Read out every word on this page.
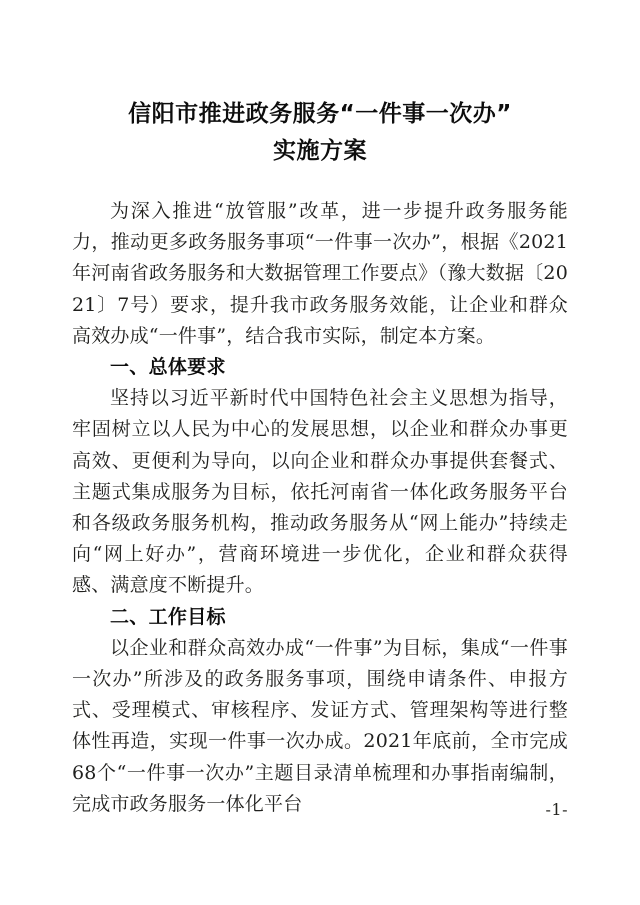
信阳市推进政务服务“一件事一次办”
实施方案

为深入推进“放管服”改革，进一步提升政务服务能力，推动更多政务服务事项“一件事一次办”，根据《2021年河南省政务服务和大数据管理工作要点》（豫大数据〔2021〕7号）要求，提升我市政务服务效能，让企业和群众高效办成“一件事”，结合我市实际，制定本方案。

一、总体要求

坚持以习近平新时代中国特色社会主义思想为指导，牢固树立以人民为中心的发展思想，以企业和群众办事更高效、更便利为导向，以向企业和群众办事提供套餐式、主题式集成服务为目标，依托河南省一体化政务服务平台和各级政务服务机构，推动政务服务从“网上能办”持续走向“网上好办”，营商环境进一步优化，企业和群众获得感、满意度不断提升。

二、工作目标

以企业和群众高效办成“一件事”为目标，集成“一件事一次办”所涉及的政务服务事项，围绕申请条件、申报方式、受理模式、审核程序、发证方式、管理架构等进行整体性再造，实现一件事一次办成。2021年底前，全市完成68个“一件事一次办”主题目录清单梳理和办事指南编制，完成市政务服务一体化平台	-1-
